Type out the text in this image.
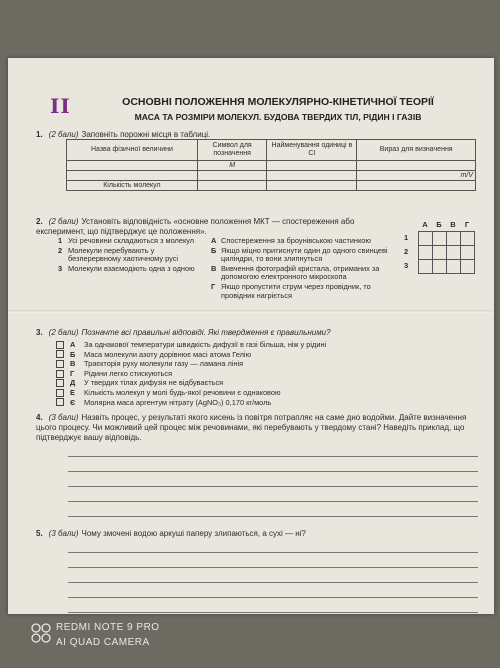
II	ОСНОВНІ ПОЛОЖЕННЯ МОЛЕКУЛЯРНО-КІНЕТИЧНОЇ ТЕОРІЇ
МАСА ТА РОЗМІРИ МОЛЕКУЛ. БУДОВА ТВЕРДИХ ТІЛ, РІДИН І ГАЗІВ
1. (2 бали) Заповніть порожні місця в таблиці.
Назва фізичної величини	Символ для позначення	Найменування одиниці в СІ	Вираз для визначення
	M		
			m/V
Кількість молекул			
2. (2 бали) Установіть відповідність «основне положення МКТ — спостереження або експеримент, що підтверджує це положення».
1 Усі речовини складаються з молекул
2 Молекули перебувають у безперервному хаотичному русі
3 Молекули взаємодіють одна з одною
А Спостереження за броунівською частинкою
Б Якщо міцно притиснути один до одного свинцеві циліндри, то вони злипнуться
В Вивчення фотографій кристала, отриманих за допомогою електронного мікроскопа
Г Якщо пропустити струм через провідник, то провідник нагріється
А	Б	В	Г
1
2
3
3. (2 бали) Позначте всі правильні відповіді. Які твердження є правильними?
А	За однакової температури швидкість дифузії в газі більша, ніж у рідині
Б	Маса молекули азоту дорівнює масі атома Гелію
В	Траєкторія руху молекули газу — ламана лінія
Г	Рідини легко стискуються
Д	У твердих тілах дифузія не відбувається
Е	Кількість молекул у молі будь-якої речовини є однаковою
Є	Молярна маса аргентум нітрату (AgNO₃) 0,170 кг/моль
4. (3 бали) Назвіть процес, у результаті якого кисень із повітря потрапляє на саме дно водойми. Дайте визначення цього процесу. Чи можливий цей процес між речовинами, які перебувають у твердому стані? Наведіть приклад, що підтверджує вашу відповідь.
5. (3 бали) Чому змочені водою аркуші паперу злипаються, а сухі — ні?
REDMI NOTE 9 PRO
AI QUAD CAMERA
